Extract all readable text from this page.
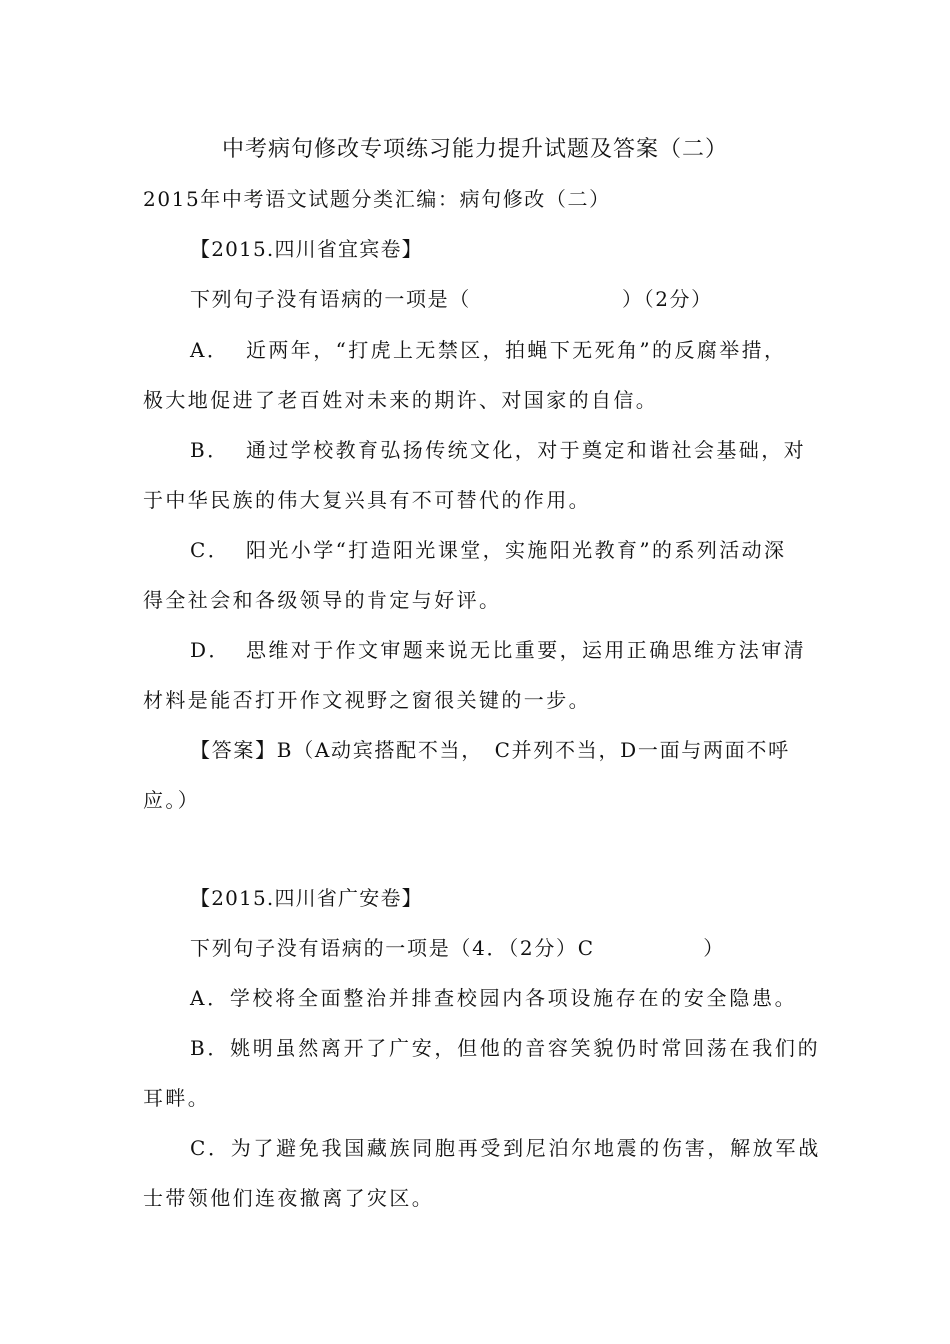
中考病句修改专项练习能力提升试题及答案（二）
2015年中考语文试题分类汇编：病句修改（二）
【2015.四川省宜宾卷】
下列句子没有语病的一项是（　　　　　　　）（2分）
A． 近两年，“打虎上无禁区，拍蝇下无死角”的反腐举措，
极大地促进了老百姓对未来的期许、对国家的自信。
B． 通过学校教育弘扬传统文化，对于奠定和谐社会基础，对
于中华民族的伟大复兴具有不可替代的作用。
C． 阳光小学“打造阳光课堂，实施阳光教育”的系列活动深
得全社会和各级领导的肯定与好评。
D． 思维对于作文审题来说无比重要，运用正确思维方法审清
材料是能否打开作文视野之窗很关键的一步。
【答案】B（A动宾搭配不当，　C并列不当，D一面与两面不呼
应。）
【2015.四川省广安卷】
下列句子没有语病的一项是（4．（2分）C　　　　　）
A．学校将全面整治并排查校园内各项设施存在的安全隐患。
B．姚明虽然离开了广安，但他的音容笑貌仍时常回荡在我们的
耳畔。
C．为了避免我国藏族同胞再受到尼泊尔地震的伤害，解放军战
士带领他们连夜撤离了灾区。
